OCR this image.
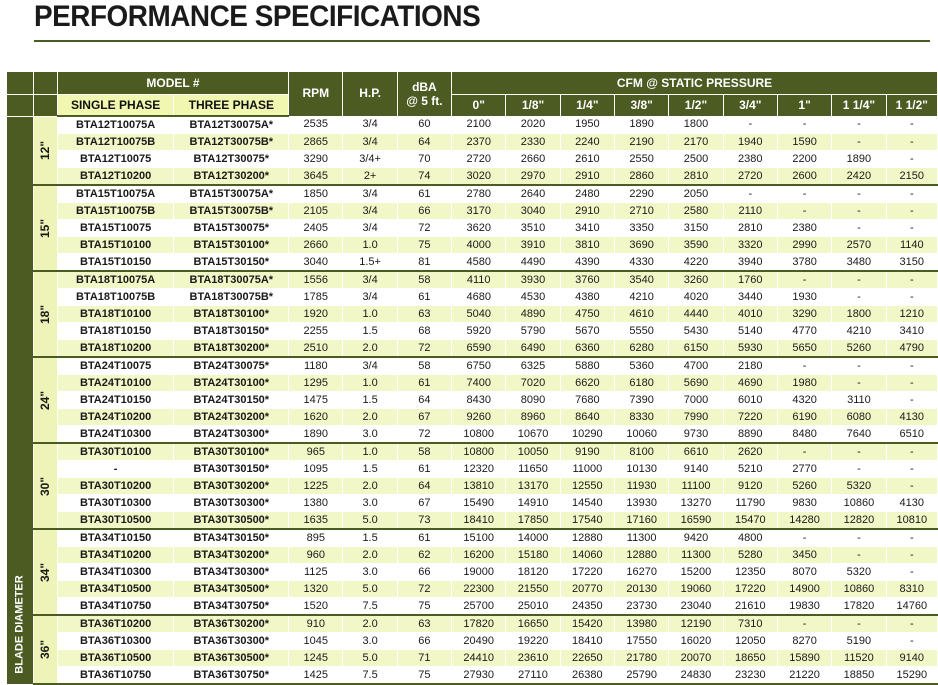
PERFORMANCE SPECIFICATIONS
		MODEL #		RPM	H.P.	dBA
@ 5 ft.	CFM @ STATIC PRESSURE								
		SINGLE PHASE	THREE PHASE				0"	1/8"	1/4"	3/8"	1/2"	3/4"	1"	1 1/4"	1 1/2"

BLADE DIAMETER	12"	BTA12T10075A	BTA12T30075A*	2535	3/4	60	2100	2020	1950	1890	1800	-	-	-	-
		BTA12T10075B	BTA12T30075B*	2865	3/4	64	2370	2330	2240	2190	2170	1940	1590	-	-
		BTA12T10075	BTA12T30075*	3290	3/4+	70	2720	2660	2610	2550	2500	2380	2200	1890	-
		BTA12T10200	BTA12T30200*	3645	2+	74	3020	2970	2910	2860	2810	2720	2600	2420	2150
	15"	BTA15T10075A	BTA15T30075A*	1850	3/4	61	2780	2640	2480	2290	2050	-	-	-	-
		BTA15T10075B	BTA15T30075B*	2105	3/4	66	3170	3040	2910	2710	2580	2110	-	-	-
		BTA15T10075	BTA15T30075*	2405	3/4	72	3620	3510	3410	3350	3150	2810	2380	-	-
		BTA15T10100	BTA15T30100*	2660	1.0	75	4000	3910	3810	3690	3590	3320	2990	2570	1140
		BTA15T10150	BTA15T30150*	3040	1.5+	81	4580	4490	4390	4330	4220	3940	3780	3480	3150
	18"	BTA18T10075A	BTA18T30075A*	1556	3/4	58	4110	3930	3760	3540	3260	1760	-	-	-
		BTA18T10075B	BTA18T30075B*	1785	3/4	61	4680	4530	4380	4210	4020	3440	1930	-	-
		BTA18T10100	BTA18T30100*	1920	1.0	63	5040	4890	4750	4610	4440	4010	3290	1800	1210
		BTA18T10150	BTA18T30150*	2255	1.5	68	5920	5790	5670	5550	5430	5140	4770	4210	3410
		BTA18T10200	BTA18T30200*	2510	2.0	72	6590	6490	6360	6280	6150	5930	5650	5260	4790
	24"	BTA24T10075	BTA24T30075*	1180	3/4	58	6750	6325	5880	5360	4700	2180	-	-	-
		BTA24T10100	BTA24T30100*	1295	1.0	61	7400	7020	6620	6180	5690	4690	1980	-	-
		BTA24T10150	BTA24T30150*	1475	1.5	64	8430	8090	7680	7390	7000	6010	4320	3110	-
		BTA24T10200	BTA24T30200*	1620	2.0	67	9260	8960	8640	8330	7990	7220	6190	6080	4130
		BTA24T10300	BTA24T30300*	1890	3.0	72	10800	10670	10290	10060	9730	8890	8480	7640	6510
	30"	BTA30T10100	BTA30T30100*	965	1.0	58	10800	10050	9190	8100	6610	2620	-	-	-
		-	BTA30T30150*	1095	1.5	61	12320	11650	11000	10130	9140	5210	2770	-	-
		BTA30T10200	BTA30T30200*	1225	2.0	64	13810	13170	12550	11930	11100	9120	5260	5320	-
		BTA30T10300	BTA30T30300*	1380	3.0	67	15490	14910	14540	13930	13270	11790	9830	10860	4130
		BTA30T10500	BTA30T30500*	1635	5.0	73	18410	17850	17540	17160	16590	15470	14280	12820	10810
	34"	BTA34T10150	BTA34T30150*	895	1.5	61	15100	14000	12880	11300	9420	4800	-	-	-
		BTA34T10200	BTA34T30200*	960	2.0	62	16200	15180	14060	12880	11300	5280	3450	-	-
		BTA34T10300	BTA34T30300*	1125	3.0	66	19000	18120	17220	16270	15200	12350	8070	5320	-
		BTA34T10500	BTA34T30500*	1320	5.0	72	22300	21550	20770	20130	19060	17220	14900	10860	8310
		BTA34T10750	BTA34T30750*	1520	7.5	75	25700	25010	24350	23730	23040	21610	19830	17820	14760
	36"	BTA36T10200	BTA36T30200*	910	2.0	63	17820	16650	15420	13980	12190	7310	-	-	-
		BTA36T10300	BTA36T30300*	1045	3.0	66	20490	19220	18410	17550	16020	12050	8270	5190	-
		BTA36T10500	BTA36T30500*	1245	5.0	71	24410	23610	22650	21780	20070	18650	15890	11520	9140
		BTA36T10750	BTA36T30750*	1425	7.5	75	27930	27110	26380	25790	24830	23230	21220	18850	15290
